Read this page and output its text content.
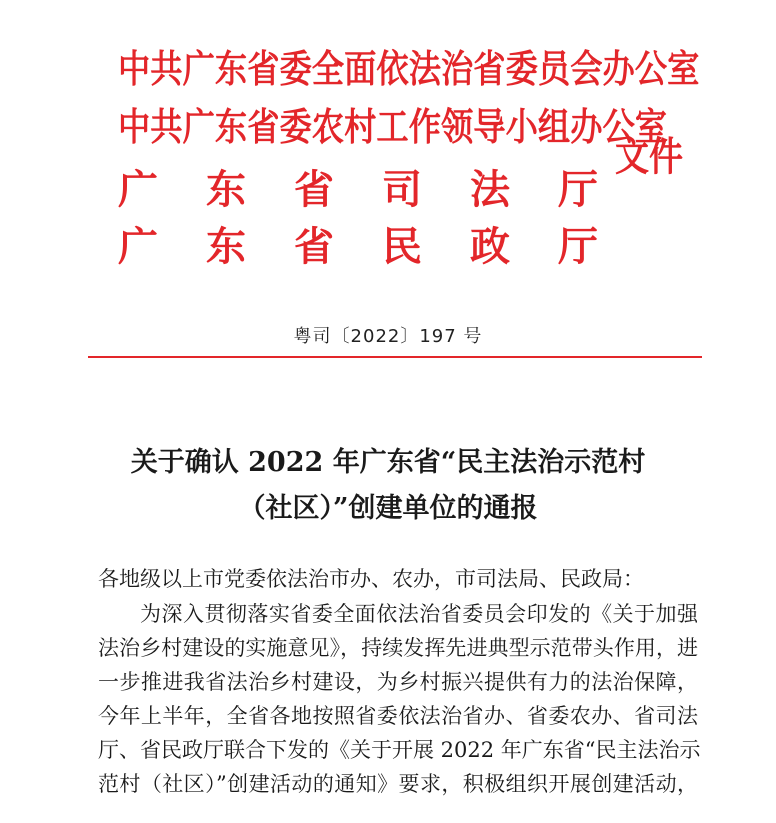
中共广东省委全面依法治省委员会办公室
中共广东省委农村工作领导小组办公室
广 东 省 司 法 厅
广 东 省 民 政 厅
文件
粤司〔2022〕197 号
关于确认 2022 年广东省“民主法治示范村
（社区）”创建单位的通报
各地级以上市党委依法治市办、农办，市司法局、民政局：
为深入贯彻落实省委全面依法治省委员会印发的《关于加强
法治乡村建设的实施意见》，持续发挥先进典型示范带头作用，进
一步推进我省法治乡村建设，为乡村振兴提供有力的法治保障，
今年上半年，全省各地按照省委依法治省办、省委农办、省司法
厅、省民政厅联合下发的《关于开展 2022 年广东省“民主法治示
范村（社区）”创建活动的通知》要求，积极组织开展创建活动，
